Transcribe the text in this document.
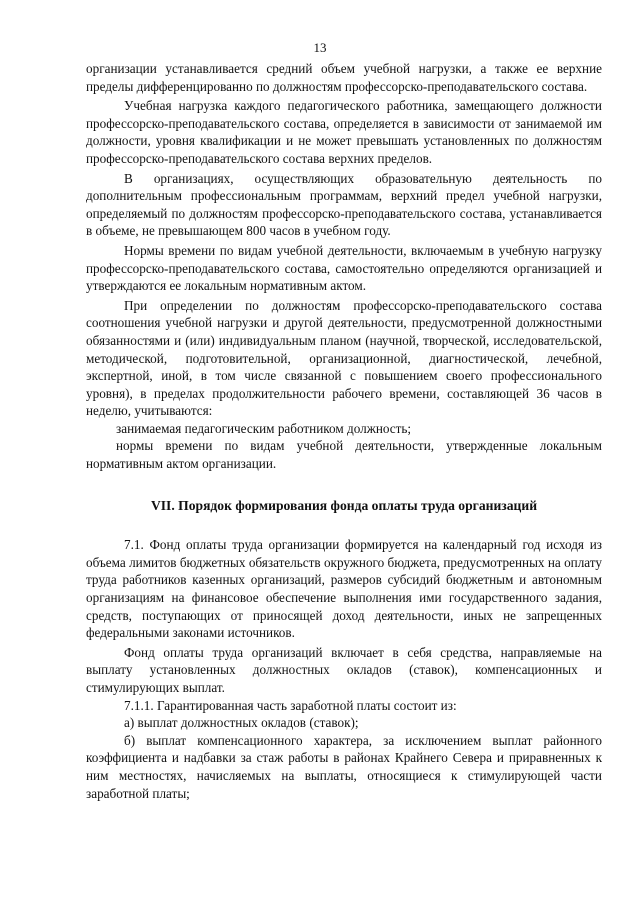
13

организации устанавливается средний объем учебной нагрузки, а также ее верхние пределы дифференцированно по должностям профессорско-преподавательского состава.

Учебная нагрузка каждого педагогического работника, замещающего должности профессорско-преподавательского состава, определяется в зависимости от занимаемой им должности, уровня квалификации и не может превышать установленных по должностям профессорско-преподавательского состава верхних пределов.

В организациях, осуществляющих образовательную деятельность по дополнительным профессиональным программам, верхний предел учебной нагрузки, определяемый по должностям профессорско-преподавательского состава, устанавливается в объеме, не превышающем 800 часов в учебном году.

Нормы времени по видам учебной деятельности, включаемым в учебную нагрузку профессорско-преподавательского состава, самостоятельно определяются организацией и утверждаются ее локальным нормативным актом.

При определении по должностям профессорско-преподавательского состава соотношения учебной нагрузки и другой деятельности, предусмотренной должностными обязанностями и (или) индивидуальным планом (научной, творческой, исследовательской, методической, подготовительной, организационной, диагностической, лечебной, экспертной, иной, в том числе связанной с повышением своего профессионального уровня), в пределах продолжительности рабочего времени, составляющей 36 часов в неделю, учитываются:

занимаемая педагогическим работником должность;

нормы времени по видам учебной деятельности, утвержденные локальным нормативным актом организации.

VII. Порядок формирования фонда оплаты труда организаций

7.1. Фонд оплаты труда организации формируется на календарный год исходя из объема лимитов бюджетных обязательств окружного бюджета, предусмотренных на оплату труда работников казенных организаций, размеров субсидий бюджетным и автономным организациям на финансовое обеспечение выполнения ими государственного задания, средств, поступающих от приносящей доход деятельности, иных не запрещенных федеральными законами источников.

Фонд оплаты труда организаций включает в себя средства, направляемые на выплату установленных должностных окладов (ставок), компенсационных и стимулирующих выплат.

7.1.1. Гарантированная часть заработной платы состоит из:

а) выплат должностных окладов (ставок);

б) выплат компенсационного характера, за исключением выплат районного коэффициента и надбавки за стаж работы в районах Крайнего Севера и приравненных к ним местностях, начисляемых на выплаты, относящиеся к стимулирующей части заработной платы;
